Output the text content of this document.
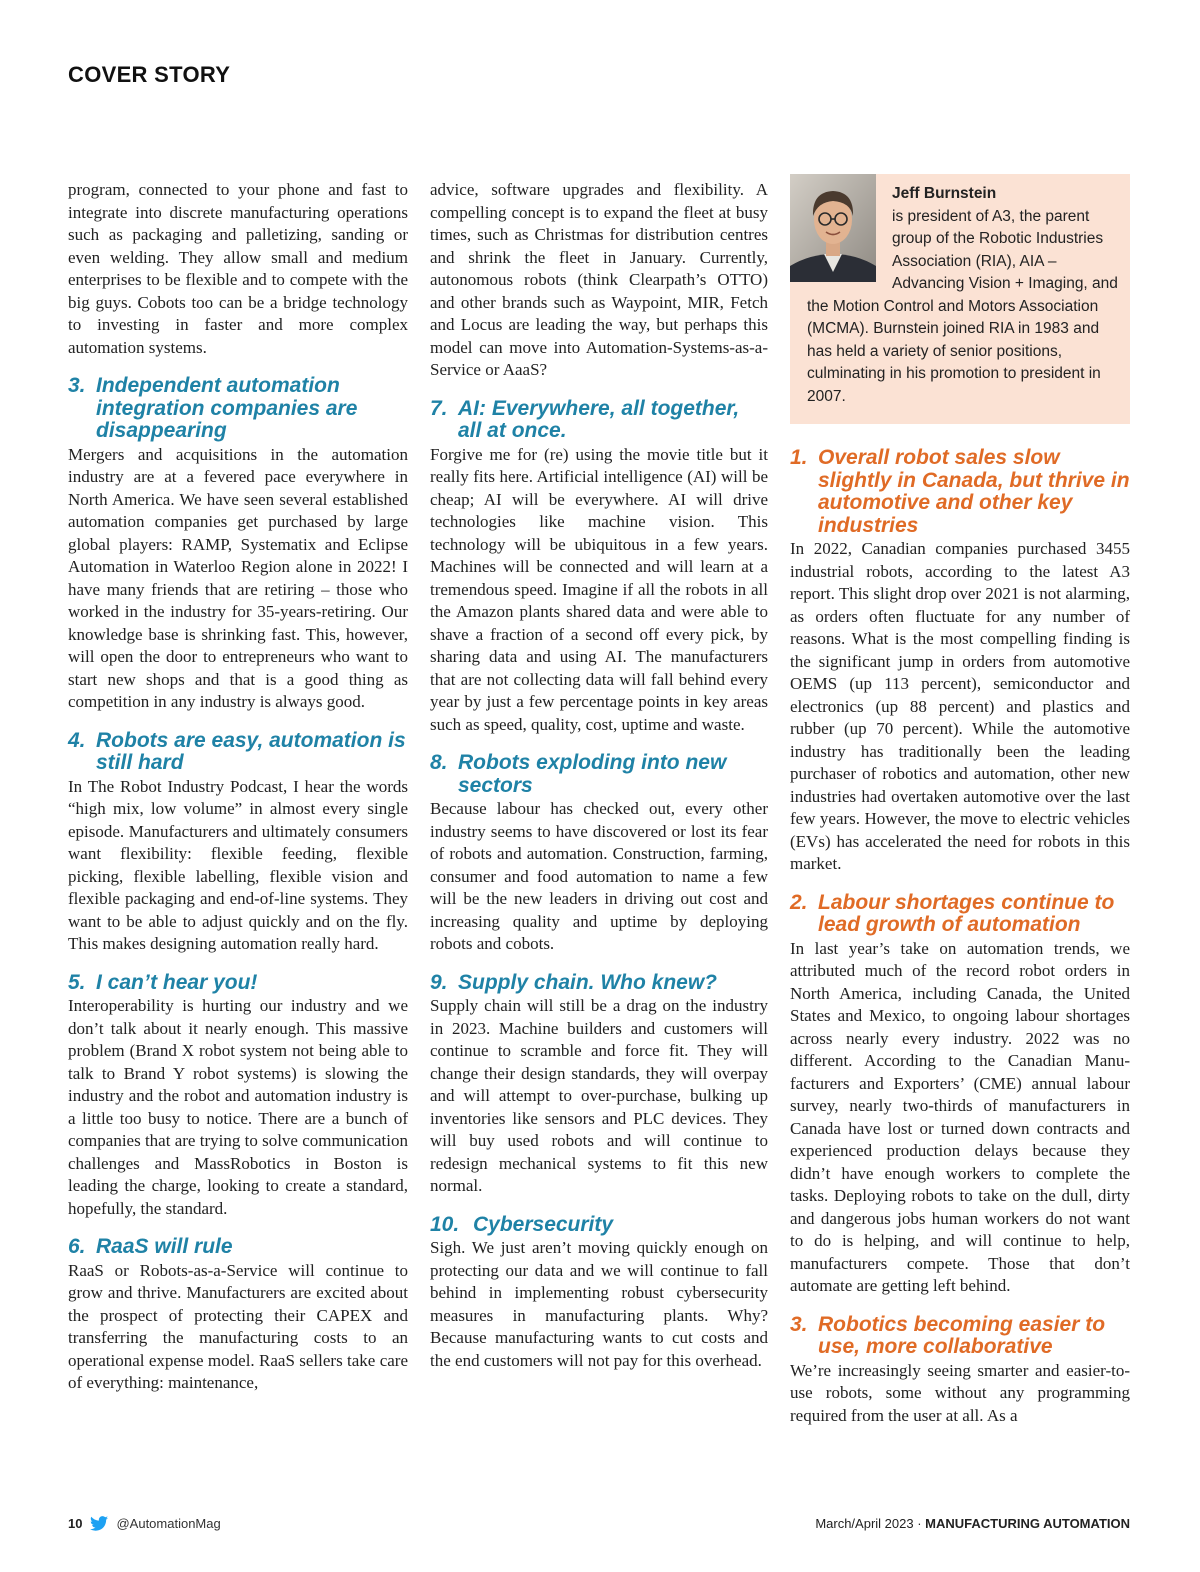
COVER STORY

program, connected to your phone and fast to integrate into discrete manufacturing operations such as packaging and palletizing, sanding or even welding. They allow small and medium enterprises to be flexible and to compete with the big guys. Cobots too can be a bridge technology to investing in faster and more complex automation systems.

3. Independent automation integration companies are disappearing

Mergers and acquisitions in the automation industry are at a fevered pace everywhere in North America. We have seen several established automation companies get purchased by large global players: RAMP, Systematix and Eclipse Automation in Waterloo Region alone in 2022! I have many friends that are retiring – those who worked in the industry for 35-years-retiring. Our knowledge base is shrinking fast. This, however, will open the door to entrepreneurs who want to start new shops and that is a good thing as competition in any industry is always good.

4. Robots are easy, automation is still hard

In The Robot Industry Podcast, I hear the words “high mix, low volume” in almost every single episode. Manufacturers and ultimately consumers want flexibility: flexible feeding, flexible picking, flexible labelling, flexible vision and flexible packaging and end-of-line systems. They want to be able to adjust quickly and on the fly. This makes designing automation really hard.

5. I can’t hear you!

Interoperability is hurting our industry and we don’t talk about it nearly enough. This massive problem (Brand X robot system not being able to talk to Brand Y robot systems) is slowing the industry and the robot and automation industry is a little too busy to notice. There are a bunch of companies that are trying to solve communication challenges and MassRobotics in Boston is leading the charge, looking to create a standard, hopefully, the standard.

6. RaaS will rule

RaaS or Robots-as-a-Service will continue to grow and thrive. Manufacturers are excited about the prospect of protecting their CAPEX and transferring the manufacturing costs to an operational expense model. RaaS sellers take care of everything: maintenance,

advice, software upgrades and flexibility. A compelling concept is to expand the fleet at busy times, such as Christmas for distribution centres and shrink the fleet in January. Currently, autonomous robots (think Clearpath’s OTTO) and other brands such as Waypoint, MIR, Fetch and Locus are leading the way, but perhaps this model can move into Automation-Systems-as-a-Service or AaaS?

7. AI: Everywhere, all together, all at once.

Forgive me for (re) using the movie title but it really fits here. Artificial intelligence (AI) will be cheap; AI will be everywhere. AI will drive technologies like machine vision. This technology will be ubiquitous in a few years. Machines will be connected and will learn at a tremendous speed. Imagine if all the robots in all the Amazon plants shared data and were able to shave a fraction of a second off every pick, by sharing data and using AI. The manufacturers that are not collecting data will fall behind every year by just a few percentage points in key areas such as speed, quality, cost, uptime and waste.

8. Robots exploding into new sectors

Because labour has checked out, every other industry seems to have discovered or lost its fear of robots and automation. Construction, farming, consumer and food automation to name a few will be the new leaders in driving out cost and increasing quality and uptime by deploying robots and cobots.

9. Supply chain. Who knew?

Supply chain will still be a drag on the industry in 2023. Machine builders and customers will continue to scramble and force fit. They will change their design standards, they will overpay and will attempt to over-purchase, bulking up inventories like sensors and PLC devices. They will buy used robots and will continue to redesign mechanical systems to fit this new normal.

10. Cybersecurity

Sigh. We just aren’t moving quickly enough on protecting our data and we will continue to fall behind in implementing robust cybersecurity measures in manufacturing plants. Why? Because manufacturing wants to cut costs and the end customers will not pay for this overhead.

Jeff Burnstein
is president of A3, the parent group of the Robotic Industries Association (RIA), AIA – Advancing Vision + Imaging, and the Motion Control and Motors Association (MCMA). Burnstein joined RIA in 1983 and has held a variety of senior positions, culminating in his promotion to president in 2007.
1. Overall robot sales slow slightly in Canada, but thrive in automotive and other key industries

In 2022, Canadian companies purchased 3455 industrial robots, according to the latest A3 report. This slight drop over 2021 is not alarming, as orders often fluctuate for any number of reasons. What is the most compelling finding is the significant jump in orders from automotive OEMS (up 113 percent), semiconductor and electronics (up 88 percent) and plastics and rubber (up 70 percent). While the automotive industry has traditionally been the leading purchaser of robotics and automation, other new industries had overtaken automotive over the last few years. However, the move to electric vehicles (EVs) has accelerated the need for robots in this market.

2. Labour shortages continue to lead growth of automation

In last year’s take on automation trends, we attributed much of the record robot orders in North America, including Canada, the United States and Mexico, to ongoing labour shortages across nearly every industry. 2022 was no different. According to the Canadian Manufacturers and Exporters’ (CME) annual labour survey, nearly two-thirds of manufacturers in Canada have lost or turned down contracts and experienced production delays because they didn’t have enough workers to complete the tasks. Deploying robots to take on the dull, dirty and dangerous jobs human workers do not want to do is helping, and will continue to help, manufacturers compete. Those that don’t automate are getting left behind.

3. Robotics becoming easier to use, more collaborative

We’re increasingly seeing smarter and easier-to-use robots, some without any programming required from the user at all. As a

10	@AutomationMag	March/April 2023 · MANUFACTURING AUTOMATION
